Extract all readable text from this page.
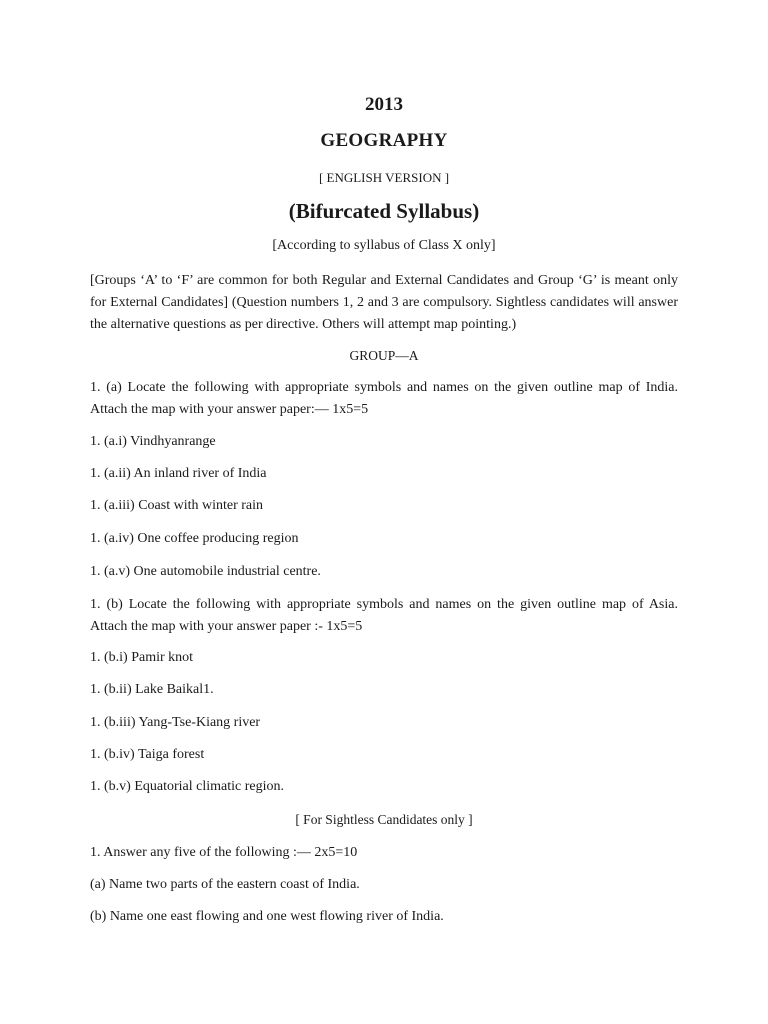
2013
GEOGRAPHY
[ ENGLISH VERSION ]
(Bifurcated Syllabus)
[According to syllabus of Class X only]
[Groups ‘A’ to ‘F’ are common for both Regular and External Candidates and Group ‘G’ is meant only for External Candidates] (Question numbers 1, 2 and 3 are compulsory. Sightless candidates will answer the alternative questions as per directive. Others will attempt map pointing.)
GROUP—A
1. (a) Locate the following with appropriate symbols and names on the given outline map of India. Attach the map with your answer paper:— 1x5=5
1. (a.i) Vindhyanrange
1. (a.ii) An inland river of India
1. (a.iii) Coast with winter rain
1. (a.iv) One coffee producing region
1. (a.v) One automobile industrial centre.
1. (b) Locate the following with appropriate symbols and names on the given outline map of Asia. Attach the map with your answer paper :- 1x5=5
1. (b.i) Pamir knot
1. (b.ii) Lake Baikal1.
1. (b.iii) Yang-Tse-Kiang river
1. (b.iv) Taiga forest
1. (b.v) Equatorial climatic region.
[ For Sightless Candidates only ]
1. Answer any five of the following :— 2x5=10
(a) Name two parts of the eastern coast of India.
(b) Name one east flowing and one west flowing river of India.
